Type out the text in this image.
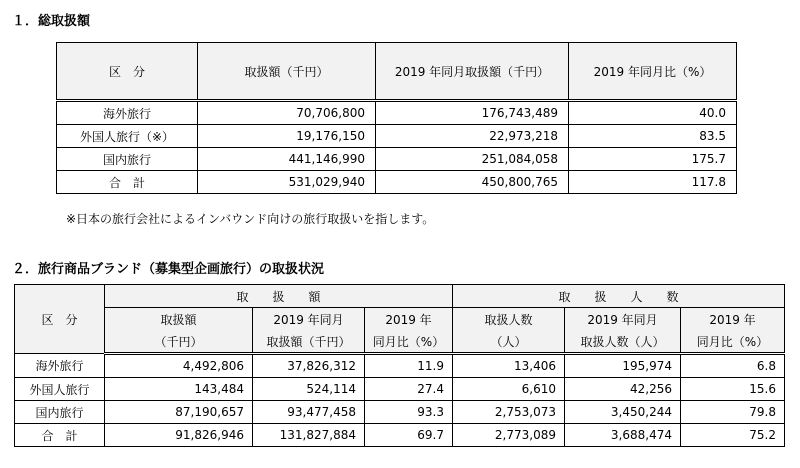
１．総取扱額
区　分	取扱額（千円）	2019 年同月取扱額（千円）	2019 年同月比（%）
海外旅行	70,706,800	176,743,489	40.0
外国人旅行（※）	19,176,150	22,973,218	83.5
国内旅行	441,146,990	251,084,058	175.7
合　計	531,029,940	450,800,765	117.8
※日本の旅行会社によるインバウンド向けの旅行取扱いを指します。
２．旅行商品ブランド（募集型企画旅行）の取扱状況
区　分	取　　扱　　額			取　　扱　　人　　数		
	取扱額	2019 年同月	2019 年	取扱人数	2019 年同月	2019 年
	（千円）	取扱額（千円）	同月比（%）	（人）	取扱人数（人）	同月比（%）
海外旅行	4,492,806	37,826,312	11.9	13,406	195,974	6.8
外国人旅行	143,484	524,114	27.4	6,610	42,256	15.6
国内旅行	87,190,657	93,477,458	93.3	2,753,073	3,450,244	79.8
合　計	91,826,946	131,827,884	69.7	2,773,089	3,688,474	75.2
